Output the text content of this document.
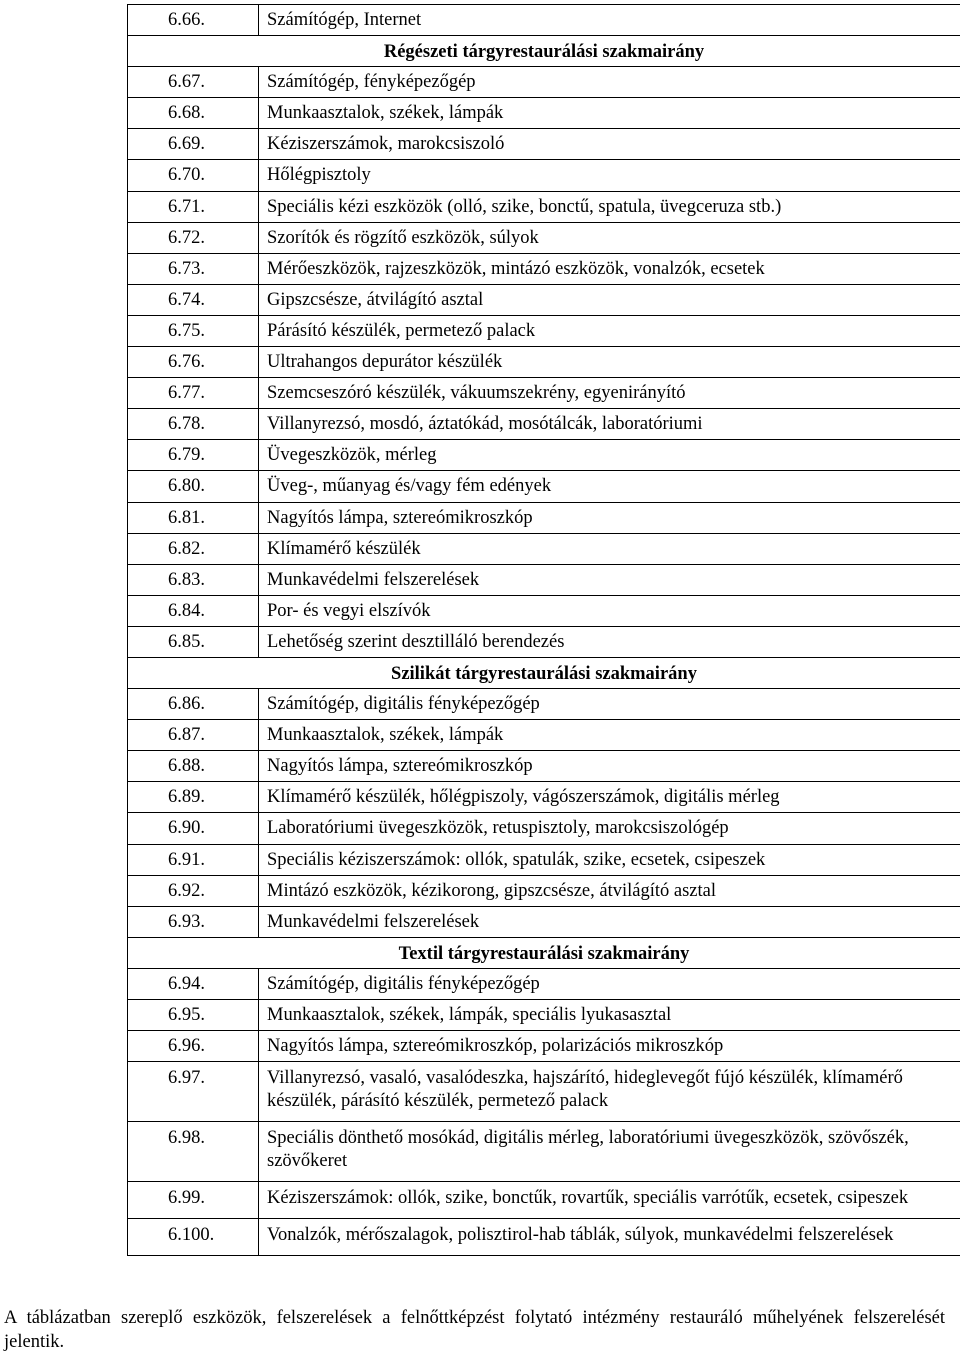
6.66.	Számítógép, Internet
Régészeti tárgyrestaurálási szakmairány	
6.67.	Számítógép, fényképezőgép
6.68.	Munkaasztalok, székek, lámpák
6.69.	Kéziszerszámok, marokcsiszoló
6.70.	Hőlégpisztoly
6.71.	Speciális kézi eszközök (olló, szike, bonctű, spatula, üvegceruza stb.)
6.72.	Szorítók és rögzítő eszközök, súlyok
6.73.	Mérőeszközök, rajzeszközök, mintázó eszközök, vonalzók, ecsetek
6.74.	Gipszcsésze, átvilágító asztal
6.75.	Párásító készülék, permetező palack
6.76.	Ultrahangos depurátor készülék
6.77.	Szemcseszóró készülék, vákuumszekrény, egyenirányító
6.78.	Villanyrezsó, mosdó, áztatókád, mosótálcák, laboratóriumi
6.79.	Üvegeszközök, mérleg
6.80.	Üveg-, műanyag és/vagy fém edények
6.81.	Nagyítós lámpa, sztereómikroszkóp
6.82.	Klímamérő készülék
6.83.	Munkavédelmi felszerelések
6.84.	Por- és vegyi elszívók
6.85.	Lehetőség szerint desztilláló berendezés
Szilikát tárgyrestaurálási szakmairány	
6.86.	Számítógép, digitális fényképezőgép
6.87.	Munkaasztalok, székek, lámpák
6.88.	Nagyítós lámpa, sztereómikroszkóp
6.89.	Klímamérő készülék, hőlégpiszoly, vágószerszámok, digitális mérleg
6.90.	Laboratóriumi üvegeszközök, retuspisztoly, marokcsiszológép
6.91.	Speciális kéziszerszámok: ollók, spatulák, szike, ecsetek, csipeszek
6.92.	Mintázó eszközök, kézikorong, gipszcsésze, átvilágító asztal
6.93.	Munkavédelmi felszerelések
Textil tárgyrestaurálási szakmairány	
6.94.	Számítógép, digitális fényképezőgép
6.95.	Munkaasztalok, székek, lámpák, speciális lyukasasztal
6.96.	Nagyítós lámpa, sztereómikroszkóp, polarizációs mikroszkóp
6.97.	Villanyrezsó, vasaló, vasalódeszka, hajszárító, hideglevegőt fújó készülék, klímamérő készülék, párásító készülék, permetező palack
6.98.	Speciális dönthető mosókád, digitális mérleg, laboratóriumi üvegeszközök, szövőszék, szövőkeret
6.99.	Kéziszerszámok: ollók, szike, bonctűk, rovartűk, speciális varrótűk, ecsetek, csipeszek
6.100.	Vonalzók, mérőszalagok, polisztirol-hab táblák, súlyok, munkavédelmi felszerelések

A táblázatban szereplő eszközök, felszerelések a felnőttképzést folytató intézmény restauráló műhelyének felszerelését jelentik.
